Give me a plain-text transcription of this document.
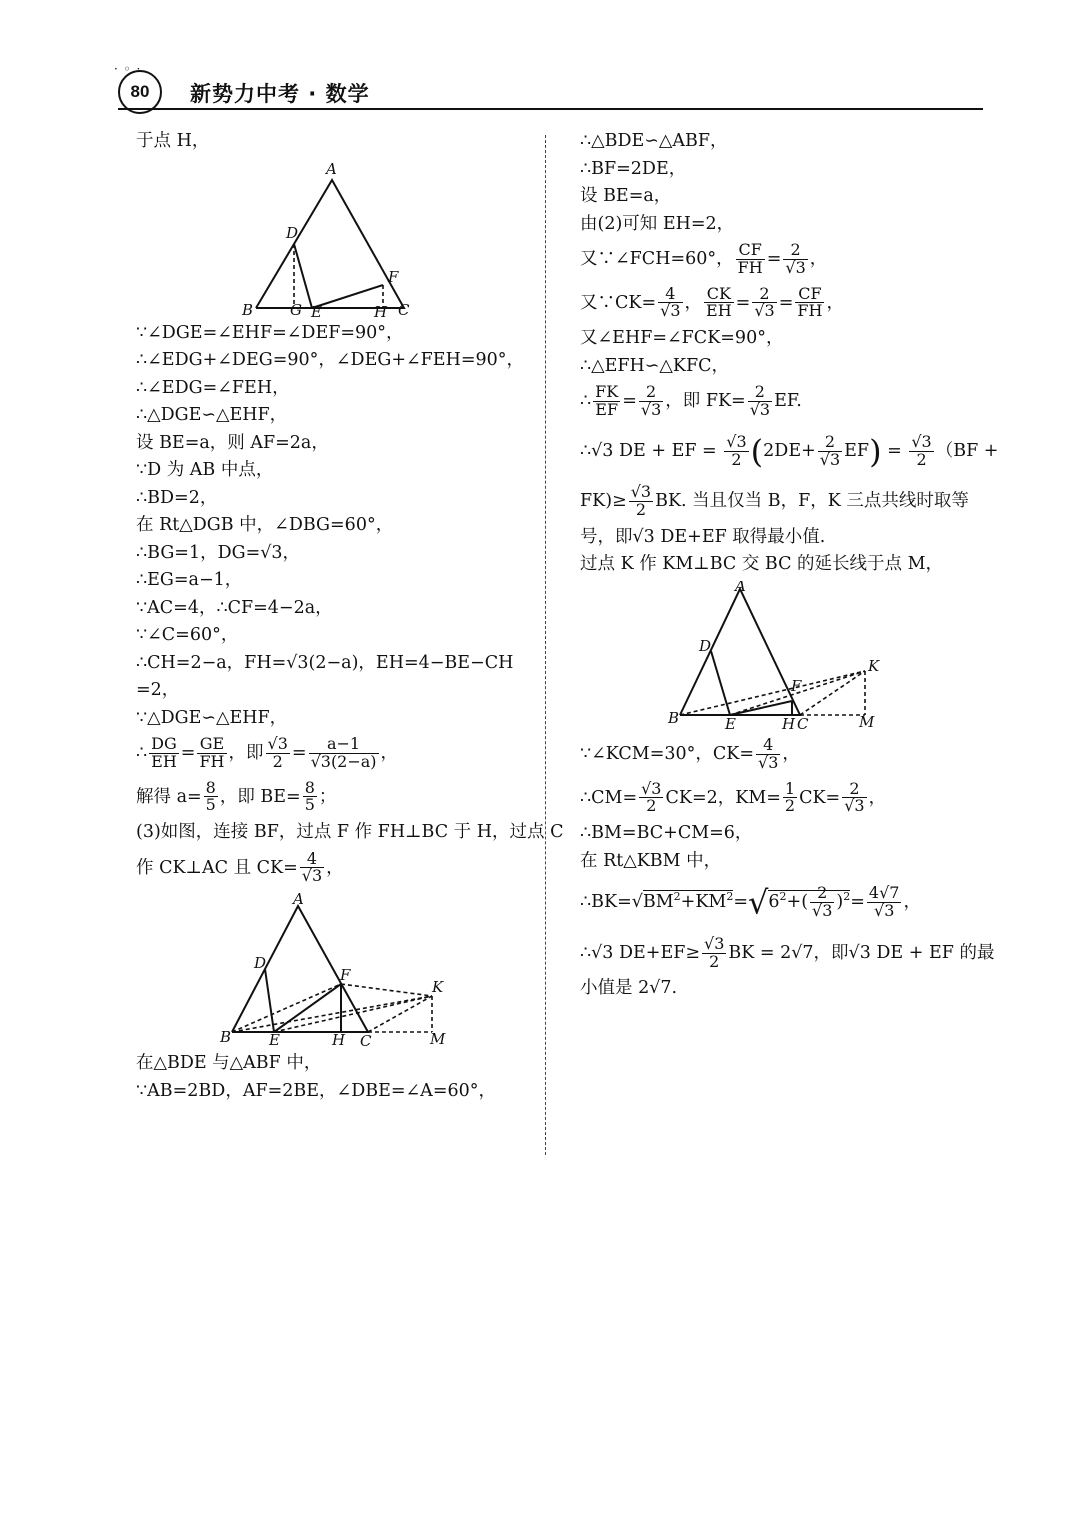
· ◦ ·
80	新势力中考 · 数学
于点 H，
A
D
F
B G E	H C
∵∠DGE=∠EHF=∠DEF=90°，
∴∠EDG+∠DEG=90°，∠DEG+∠FEH=90°，
∴∠EDG=∠FEH，
∴△DGE∽△EHF，
设 BE=a，则 AF=2a，
∵D 为 AB 中点，
∴BD=2，
在 Rt△DGB 中，∠DBG=60°，
∴BG=1，DG=√3，
∴EG=a−1，
∵AC=4，∴CF=4−2a，
∵∠C=60°，
∴CH=2−a，FH=√3(2−a)，EH=4−BE−CH
=2，
∵△DGE∽△EHF，
∴ $\frac{DG}{EH} = \frac{GE}{FH}$ ，即 $\frac{√3}{2} = \frac{a-1}{√3(2-a)}$ ，
解得 $a= \frac{8}{5}$ ，即 $BE= \frac{8}{5}$ ；
(3)如图，连接 BF，过点 F 作 FH⊥BC 于 H，过点 C
作 CK⊥AC 且 $CK= \frac{4}{√3}$ ，
A
D
F
K
B	E	H C	M
在△BDE 与△ABF 中，
∵AB=2BD，AF=2BE，∠DBE=∠A=60°，
∴△BDE∽△ABF，
∴BF=2DE，
设 BE=a，
由(2)可知 EH=2，
又∵∠FCH=60°， $\frac{CF}{FH} = \frac{2}{√3}$ ，
又∵CK= $\frac{4}{√3}$ ， $\frac{CK}{EH} = \frac{2}{√3} = \frac{CF}{FH}$ ，
又∠EHF=∠FCK=90°，
∴△EFH∽△KFC，
∴ $\frac{FK}{EF} = \frac{2}{√3}$ ，即 $FK= \frac{2}{√3}$ EF.
∴√3 DE + EF = $\frac{√3}{2} (2DE+ \frac{2}{√3} EF) = \frac{√3}{2} (BF$ +
$FK)\ge \frac{√3}{2}$ BK. 当且仅当 B，F，K 三点共线时取等
号，即√3 DE+EF 取得最小值.
过点 K 作 KM⊥BC 交 BC 的延长线于点 M，
A
D
F
K
B	E	H C	M
∵∠KCM=30°，$CK= \frac{4}{√3}$ ，
∴CM= $\frac{√3}{2} CK=2$，$KM= \frac{1}{2} CK= \frac{2}{√3}$ ，
∴BM=BC+CM=6，
在 Rt△KBM 中，
$\therefore BK=√BM^2+KM^2=√6^2+( \frac{2}{√3} )^2= \frac{4√7}{√3}$ ，
∴√3 $DE+EF\ge \frac{√3}{2}$ BK = 2√7，即√3 DE + EF 的最
小值是 2√7.
